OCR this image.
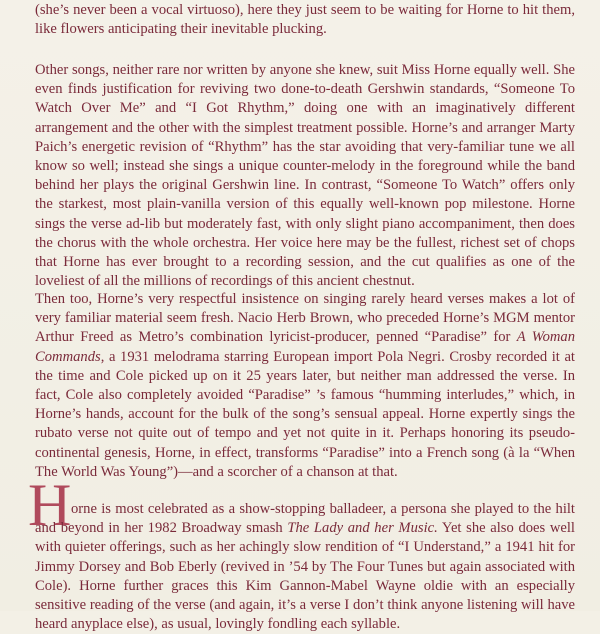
(she’s never been a vocal virtuoso), here they just seem to be waiting for Horne to hit them, like flowers anticipating their inevitable plucking.

Other songs, neither rare nor written by anyone she knew, suit Miss Horne equally well. She even finds justification for reviving two done-to-death Gershwin standards, “Someone To Watch Over Me” and “I Got Rhythm,” doing one with an imaginatively different arrangement and the other with the simplest treatment possible. Horne’s and arranger Marty Paich’s energetic revision of “Rhythm” has the star avoiding that very-familiar tune we all know so well; instead she sings a unique counter-melody in the foreground while the band behind her plays the original Gershwin line. In contrast, “Someone To Watch” offers only the starkest, most plain-vanilla version of this equally well-known pop milestone. Horne sings the verse ad-lib but moderately fast, with only slight piano accompaniment, then does the chorus with the whole orchestra. Her voice here may be the fullest, richest set of chops that Horne has ever brought to a recording session, and the cut qualifies as one of the loveliest of all the millions of recordings of this ancient chestnut.

Then too, Horne’s very respectful insistence on singing rarely heard verses makes a lot of very familiar material seem fresh. Nacio Herb Brown, who preceded Horne’s MGM mentor Arthur Freed as Metro’s combination lyricist-producer, penned “Paradise” for A Woman Commands, a 1931 melodrama starring European import Pola Negri. Crosby recorded it at the time and Cole picked up on it 25 years later, but neither man addressed the verse. In fact, Cole also completely avoided “Paradise” ’s famous “humming interludes,” which, in Horne’s hands, account for the bulk of the song’s sensual appeal. Horne expertly sings the rubato verse not quite out of tempo and yet not quite in it. Perhaps honoring its pseudo-continental genesis, Horne, in effect, transforms “Paradise” into a French song (à la “When The World Was Young”)—and a scorcher of a chanson at that.

H orne is most celebrated as a show-stopping balladeer, a persona she played to the hilt and beyond in her 1982 Broadway smash The Lady and her Music. Yet she also does well with quieter offerings, such as her achingly slow rendition of “I Understand,” a 1941 hit for Jimmy Dorsey and Bob Eberly (revived in ’54 by The Four Tunes but again associated with Cole). Horne further graces this Kim Gannon-Mabel Wayne oldie with an especially sensitive reading of the verse (and again, it’s a verse I don’t think anyone listening will have heard anyplace else), as usual, lovingly fondling each syllable.
